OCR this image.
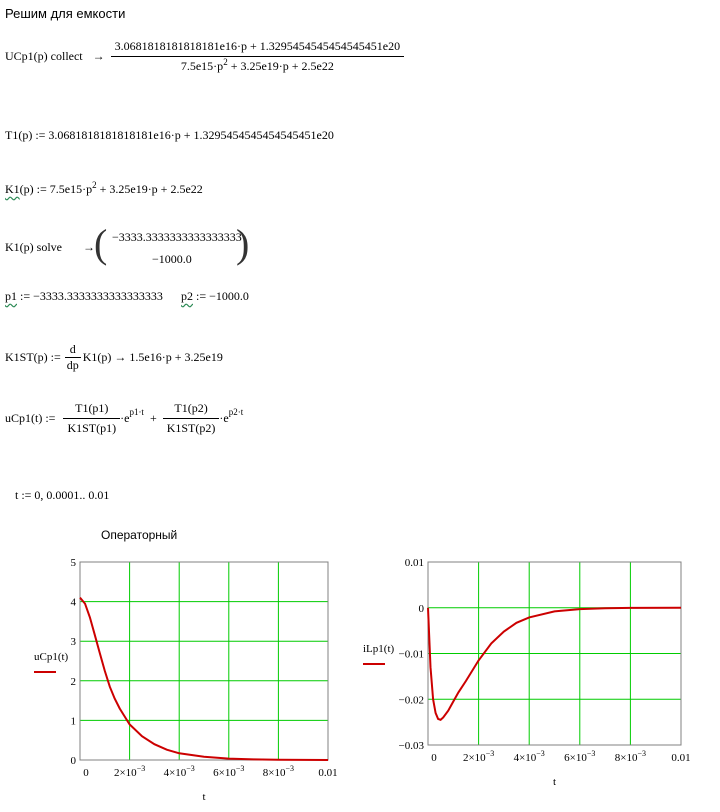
Решим для емкости
UCp1(p) collect → $\frac{3.0681818181818181e16\cdot p + 1.3295454545454545451e20}{7.5e15\cdot p^2 + 3.25e19\cdot p + 2.5e22}$
T1(p) := 3.0681818181818181e16·p + 1.3295454545454545451e20
K1(p) := $7.5e15\cdot p^2 + 3.25e19\cdot p + 2.5e22$
K1(p) solve → ( −3333.3333333333333333
−1000.0 )
p1 := −3333.3333333333333333 p2 := −1000.0
K1ST(p) := $\frac{d}{dp} K1(p) \to 1.5e16\cdot p + 3.25e19$
uCp1(t) := $\frac{T1(p1)}{K1ST(p1)} \cdot e^{p1\cdot t} + \frac{T1(p2)}{K1ST(p2)} \cdot e^{p2\cdot t}$
t := 0, 0.0001.. 0.01
Операторный
0 $2\times 10^{-3}$ $4\times 10^{-3}$ $6\times 10^{-3}$ $8\times 10^{-3}$ 0.01
0
1
2
3
4
5
t
uCp1(t)
0 $2\times 10^{-3}$ $4\times 10^{-3}$ $6\times 10^{-3}$ $8\times 10^{-3}$ 0.01
−0.03
−0.02
−0.01
0
0.01
t
iLp1(t)
